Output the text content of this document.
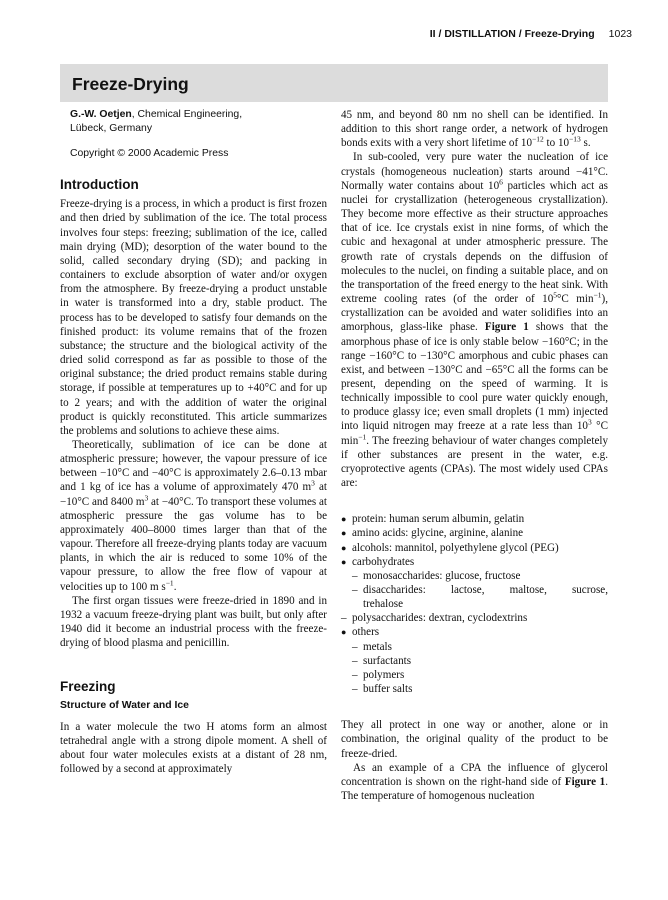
II / DISTILLATION / Freeze-Drying 1023
Freeze-Drying

G.-W. Oetjen, Chemical Engineering,
Lübeck, Germany

Copyright © 2000 Academic Press

Introduction

Freeze-drying is a process, in which a product is first frozen and then dried by sublimation of the ice. The total process involves four steps: freezing; sublimation of the ice, called main drying (MD); desorption of the water bound to the solid, called secondary drying (SD); and packing in containers to exclude absorption of water and/or oxygen from the atmosphere. By freeze-drying a product unstable in water is transformed into a dry, stable product. The process has to be developed to satisfy four demands on the finished product: its volume remains that of the frozen substance; the structure and the biological activity of the dried solid correspond as far as possible to those of the original substance; the dried product remains stable during storage, if possible at temperatures up to +40°C and for up to 2 years; and with the addition of water the original product is quickly reconstituted. This article summarizes the problems and solutions to achieve these aims.

Theoretically, sublimation of ice can be done at atmospheric pressure; however, the vapour pressure of ice between −10°C and −40°C is approximately 2.6–0.13 mbar and 1 kg of ice has a volume of approximately 470 $m^3$ at −10°C and 8400 $m^3$ at −40°C. To transport these volumes at atmospheric pressure the gas volume has to be approximately 400–8000 times larger than that of the vapour. Therefore all freeze-drying plants today are vacuum plants, in which the air is reduced to some 10% of the vapour pressure, to allow the free flow of vapour at velocities up to 100 m $s^{-1}$.

The first organ tissues were freeze-dried in 1890 and in 1932 a vacuum freeze-drying plant was built, but only after 1940 did it become an industrial process with the freeze-drying of blood plasma and penicillin.

Freezing
Structure of Water and Ice

In a water molecule the two H atoms form an almost tetrahedral angle with a strong dipole moment. A shell of about four water molecules exists at a distant of 28 nm, followed by a second at approximately

45 nm, and beyond 80 nm no shell can be identified. In addition to this short range order, a network of hydrogen bonds exits with a very short lifetime of $10^{-12}$ to $10^{-13}$ s.

In sub-cooled, very pure water the nucleation of ice crystals (homogeneous nucleation) starts around −41°C. Normally water contains about $10^6$ particles which act as nuclei for crystallization (heterogeneous crystallization). They become more effective as their structure approaches that of ice. Ice crystals exist in nine forms, of which the cubic and hexagonal at under atmospheric pressure. The growth rate of crystals depends on the diffusion of molecules to the nuclei, on finding a suitable place, and on the transportation of the freed energy to the heat sink. With extreme cooling rates (of the order of $10^5^\circ C$ $\min^{-1}$), crystallization can be avoided and water solidifies into an amorphous, glass-like phase. Figure 1 shows that the amorphous phase of ice is only stable below −160°C; in the range −160°C to −130°C amorphous and cubic phases can exist, and between −130°C and −65°C all the forms can be present, depending on the speed of warming. It is technically impossible to cool pure water quickly enough, to produce glassy ice; even small droplets (1 mm) injected into liquid nitrogen may freeze at a rate less than $10^3$ °C $\min^{-1}$. The freezing behaviour of water changes completely if other substances are present in the water, e.g. cryoprotective agents (CPAs). The most widely used CPAs are:

● protein: human serum albumin, gelatin
● amino acids: glycine, arginine, alanine
● alcohols: mannitol, polyethylene glycol (PEG)
● carbohydrates
– monosaccharides: glucose, fructose
– disaccharides: lactose, maltose, sucrose,
trehalose
– polysaccharides: dextran, cyclodextrins
● others
– metals
– surfactants
– polymers
– buffer salts

They all protect in one way or another, alone or in combination, the original quality of the product to be freeze-dried.

As an example of a CPA the influence of glycerol concentration is shown on the right-hand side of Figure 1. The temperature of homogenous nucleation
